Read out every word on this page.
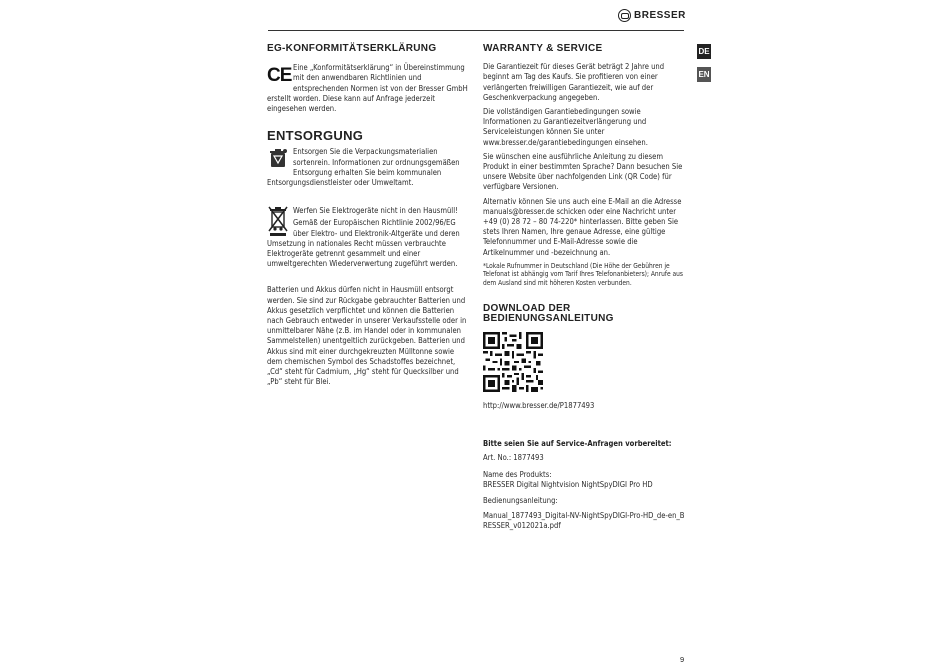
BRESSER
DE
EN
EG-KONFORMITÄTSERKLÄRUNG
CE Eine „Konformitätserklärung“ in Übereinstimmung mit den anwendbaren Richtlinien und entsprechenden Normen ist von der Bresser GmbH erstellt worden. Diese kann auf Anfrage jederzeit eingesehen werden.
ENTSORGUNG
Entsorgen Sie die Verpackungsmaterialien sortenrein. Informationen zur ordnungsgemäßen Entsorgung erhalten Sie beim kommunalen Entsorgungsdienstleister oder Umweltamt.
Werfen Sie Elektrogeräte nicht in den Hausmüll!
Gemäß der Europäischen Richtlinie 2002/96/EG über Elektro- und Elektronik-Altgeräte und deren Umsetzung in nationales Recht müssen verbrauchte Elektrogeräte getrennt gesammelt und einer umweltgerechten Wiederverwertung zugeführt werden.
Batterien und Akkus dürfen nicht in Hausmüll entsorgt werden. Sie sind zur Rückgabe gebrauchter Batterien und Akkus gesetzlich verpflichtet und können die Batterien nach Gebrauch entweder in unserer Verkaufsstelle oder in unmittelbarer Nähe (z.B. im Handel oder in kommunalen Sammelstellen) unentgeltlich zurückgeben. Batterien und Akkus sind mit einer durchgekreuzten Mülltonne sowie dem chemischen Symbol des Schadstoffes bezeichnet, „Cd“ steht für Cadmium, „Hg“ steht für Quecksilber und „Pb“ steht für Blei.
WARRANTY & SERVICE
Die Garantiezeit für dieses Gerät beträgt 2 Jahre und beginnt am Tag des Kaufs. Sie profitieren von einer verlängerten freiwilligen Garantiezeit, wie auf der Geschenkverpackung angegeben.
Die vollständigen Garantiebedingungen sowie Informationen zu Garantiezeitverlängerung und Serviceleistungen können Sie unter www.bresser.de/garantiebedingungen einsehen.
Sie wünschen eine ausführliche Anleitung zu diesem Produkt in einer bestimmten Sprache? Dann besuchen Sie unsere Website über nachfolgenden Link (QR Code) für verfügbare Versionen.
Alternativ können Sie uns auch eine E-Mail an die Adresse manuals@bresser.de schicken oder eine Nachricht unter +49 (0) 28 72 – 80 74-220* hinterlassen. Bitte geben Sie stets Ihren Namen, Ihre genaue Adresse, eine gültige Telefonnummer und E-Mail-Adresse sowie die Artikelnummer und -bezeichnung an.
*Lokale Rufnummer in Deutschland (Die Höhe der Gebühren je Telefonat ist abhängig vom Tarif Ihres Telefonanbieters); Anrufe aus dem Ausland sind mit höheren Kosten verbunden.
DOWNLOAD DER BEDIENUNGSANLEITUNG
http://www.bresser.de/P1877493
Bitte seien Sie auf Service-Anfragen vorbereitet:
Art. No.: 1877493
Name des Produkts:
BRESSER Digital Nightvision NightSpyDIGI Pro HD
Bedienungsanleitung:
Manual_1877493_Digital-NV-NightSpyDIGI-Pro-HD_de-en_BRESSER_v012021a.pdf
9
